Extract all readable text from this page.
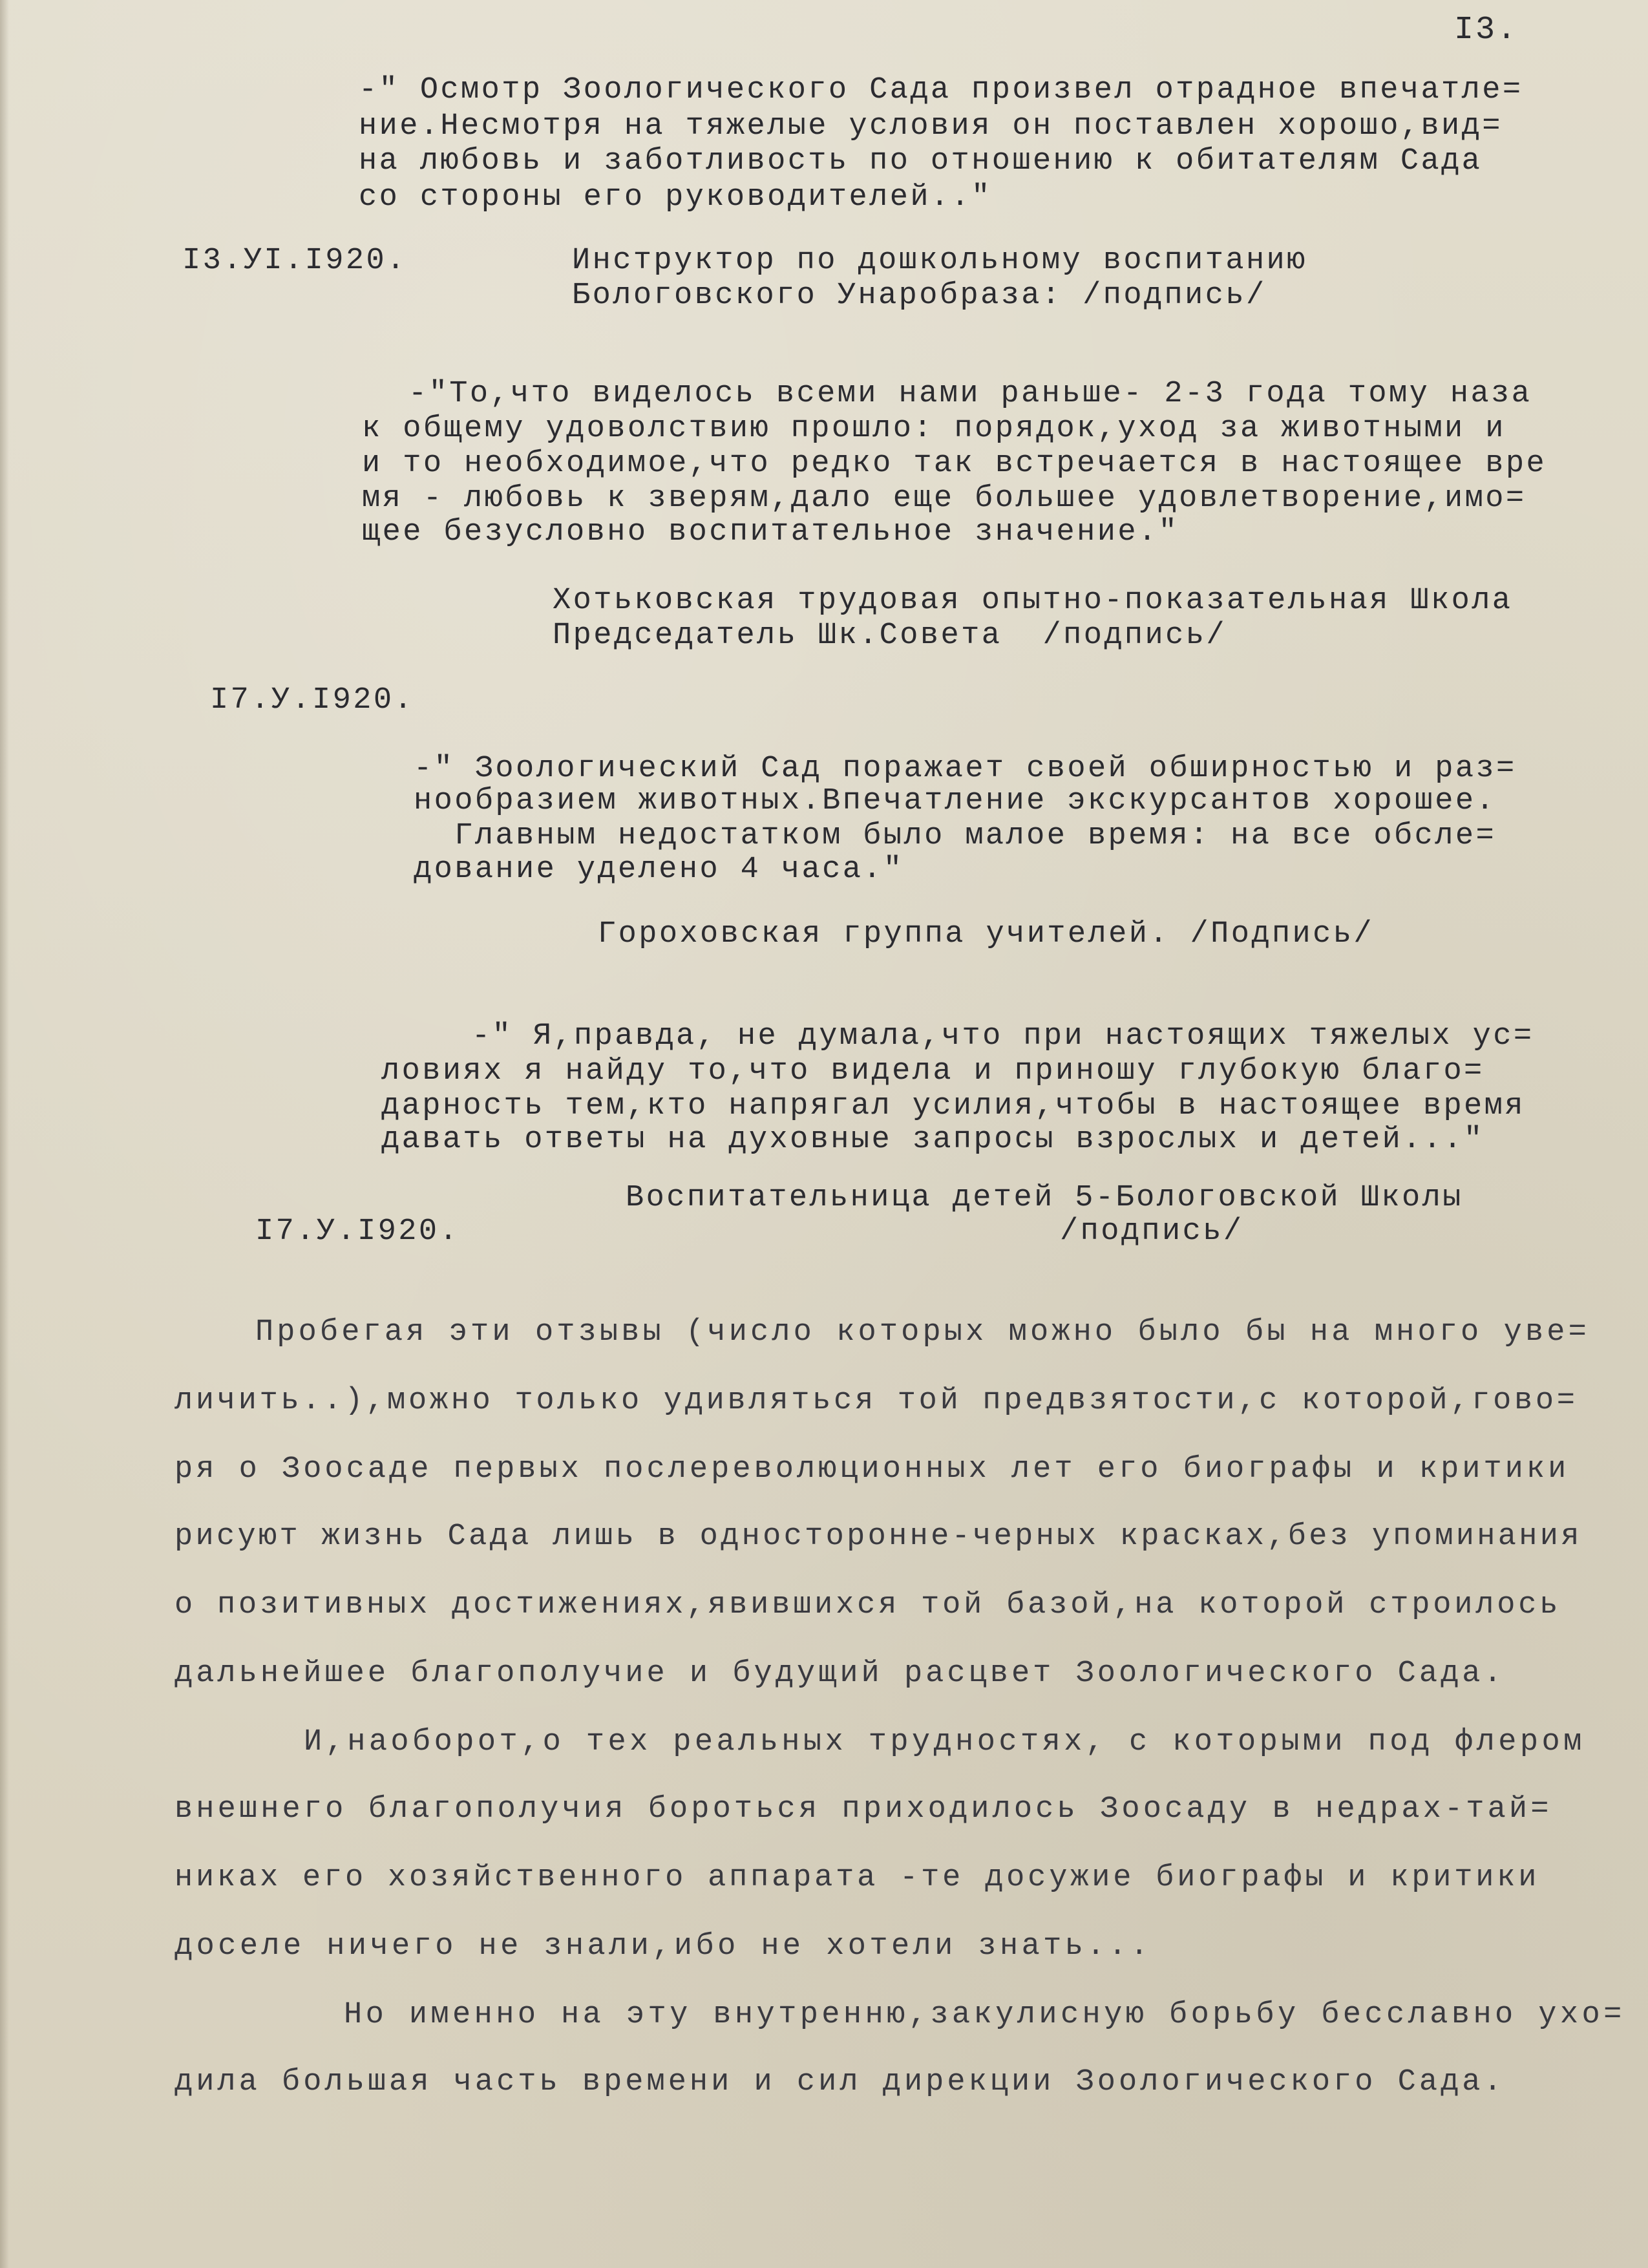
I3.
-" Осмотр Зоологического Сада произвел отрадное впечатле=
ние.Несмотря на тяжелые условия он поставлен хорошо,вид=
на любовь и заботливость по отношению к обитателям Сада
со стороны его руководителей.."
I3.УI.I920.	Инструктор по дошкольному воспитанию
Бологовского Унаробраза: /подпись/
-"То,что виделось всеми нами раньше- 2-3 года тому наза
к общему удоволствию прошло: порядок,уход за животными и
и то необходимое,что редко так встречается в настоящее вре
мя - любовь к зверям,дало еще большее удовлетворение,имо=
щее безусловно воспитательное значение."
Хотьковская трудовая опытно-показательная Школа
Председатель Шк.Совета  /подпись/
I7.У.I920.
-" Зоологический Сад поражает своей обширностью и раз=
нообразием животных.Впечатление экскурсантов хорошее.
Главным недостатком было малое время: на все обсле=
дование уделено 4 часа."
Гороховская группа учителей. /Подпись/
-" Я,правда, не думала,что при настоящих тяжелых ус=
ловиях я найду то,что видела и приношу глубокую благо=
дарность тем,кто напрягал усилия,чтобы в настоящее время
давать ответы на духовные запросы взрослых и детей..."
Воспитательница детей 5-Бологовской Школы
I7.У.I920.	/подпись/
Пробегая эти отзывы (число которых можно было бы на много уве=
личить..),можно только удивляться той предвзятости,с которой,гово=
ря о Зоосаде первых послереволюционных лет его биографы и критики
рисуют жизнь Сада лишь в односторонне-черных красках,без упоминания
о позитивных достижениях,явившихся той базой,на которой строилось
дальнейшее благополучие и будущий расцвет Зоологического Сада.
И,наоборот,о тех реальных трудностях, с которыми под флером
внешнего благополучия бороться приходилось Зоосаду в недрах-тай=
никах его хозяйственного аппарата -те досужие биографы и критики
доселе ничего не знали,ибо не хотели знать...
Но именно на эту внутренню,закулисную борьбу бесславно ухо=
дила большая часть времени и сил дирекции Зоологического Сада.
